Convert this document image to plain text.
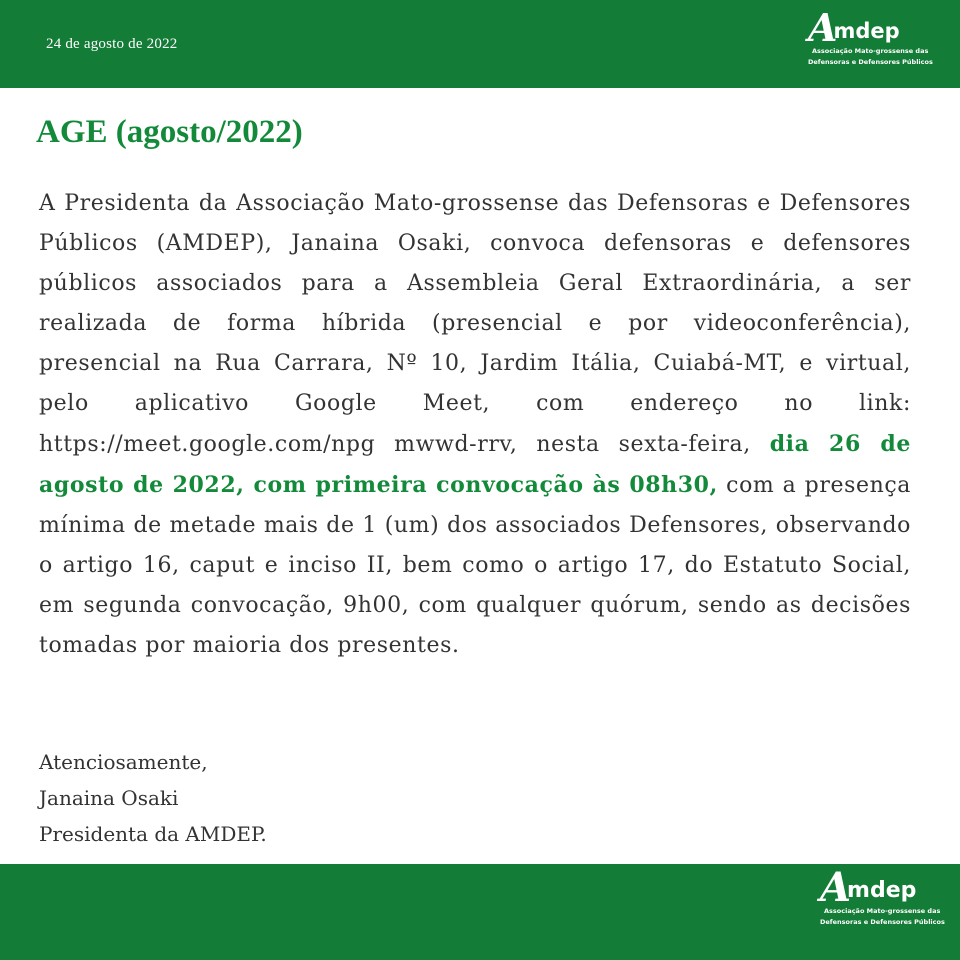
24 de agosto de 2022	A
mdep
Associação Mato-grossense das
Defensoras e Defensores Públicos
AGE (agosto/2022)

A Presidenta da Associação Mato-grossense das Defensoras e Defensores Públicos (AMDEP), Janaina Osaki, convoca defensoras e defensores públicos associados para a Assembleia Geral Extraordinária, a ser realizada de forma híbrida (presencial e por videoconferência), presencial na Rua Carrara, Nº 10, Jardim Itália, Cuiabá-MT, e virtual, pelo aplicativo Google Meet, com endereço no link: https://meet.google.com/npg mwwd-rrv, nesta sexta-feira, dia 26 de agosto de 2022, com primeira convocação às 08h30, com a presença mínima de metade mais de 1 (um) dos associados Defensores, observando o artigo 16, caput e inciso II, bem como o artigo 17, do Estatuto Social, em segunda convocação, 9h00, com qualquer quórum, sendo as decisões tomadas por maioria dos presentes.

Atenciosamente,
Janaina Osaki
Presidenta da AMDEP.
A
mdep
Associação Mato-grossense das
Defensoras e Defensores Públicos
